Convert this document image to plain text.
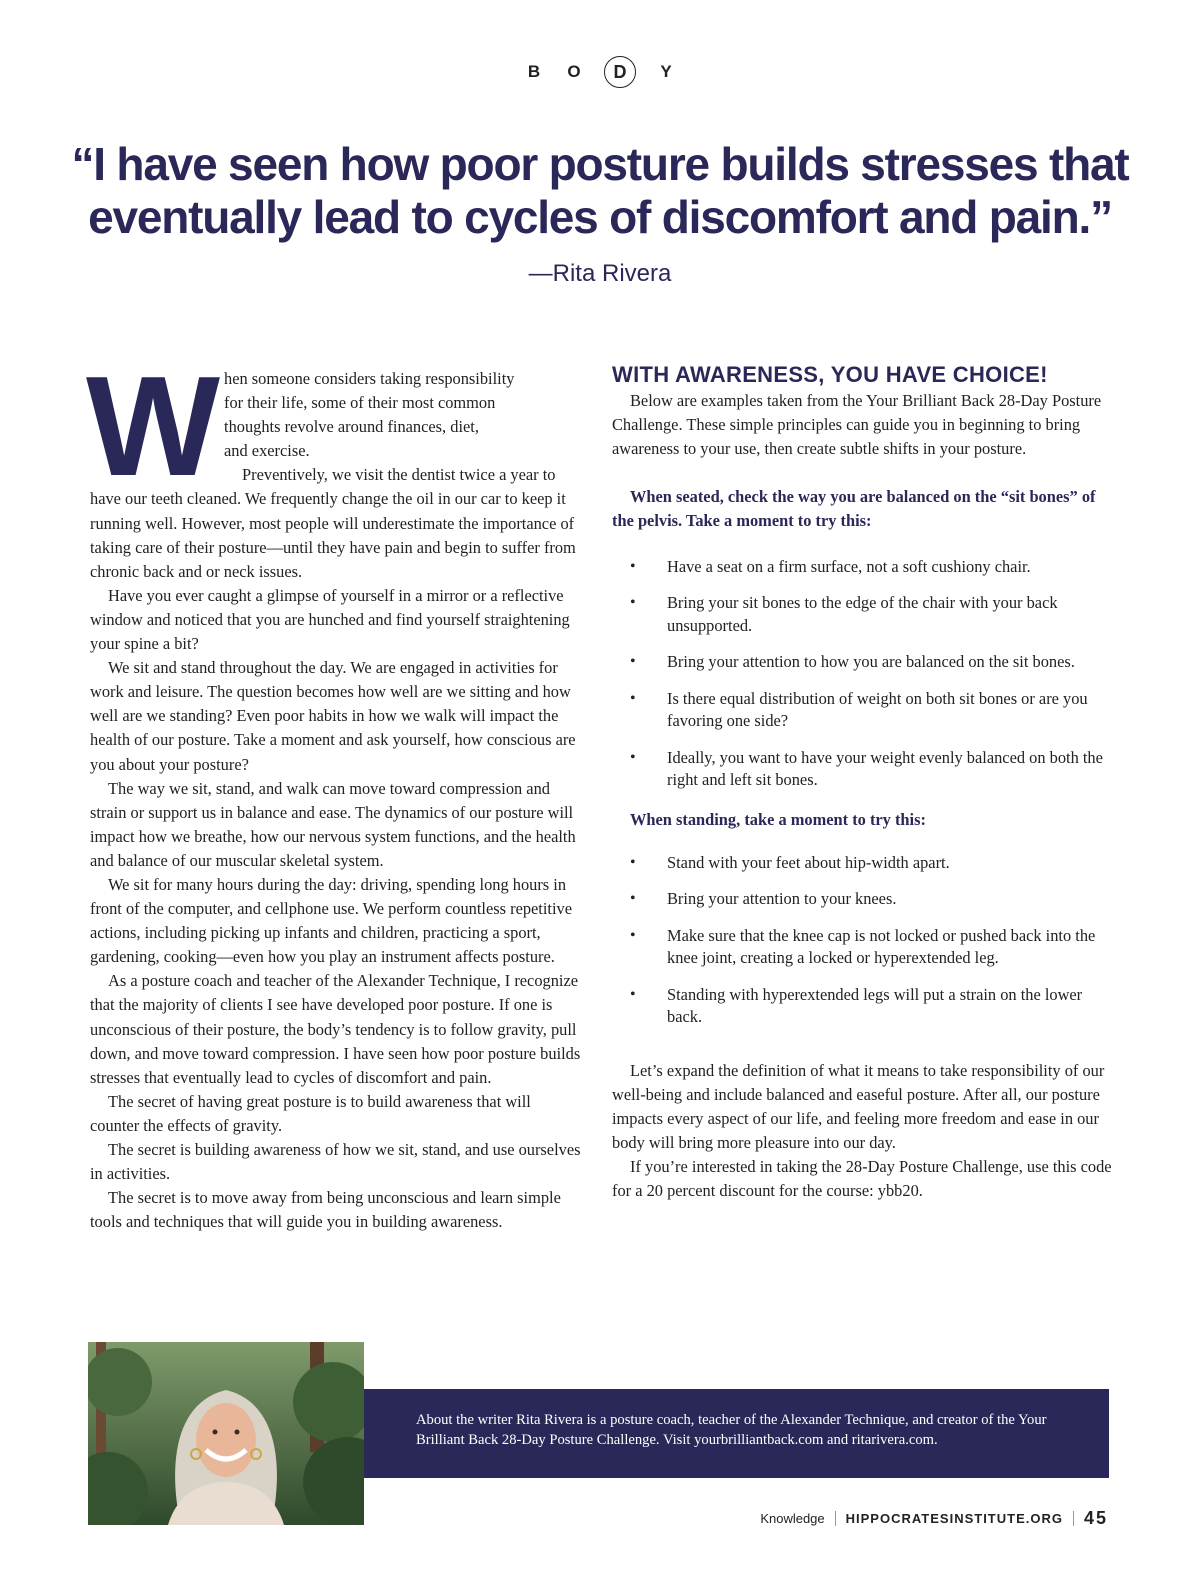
B O	D	Y
“I have seen how poor posture builds stresses that
eventually lead to cycles of discomfort and pain.”
—Rita Rivera
W hen someone considers taking responsibility
for their life, some of their most common
thoughts revolve around finances, diet,
and exercise.

Preventively, we visit the dentist twice a year to have our teeth cleaned. We frequently change the oil in our car to keep it running well. However, most people will underestimate the importance of taking care of their posture—until they have pain and begin to suffer from chronic back and or neck issues.

Have you ever caught a glimpse of yourself in a mirror or a reflective window and noticed that you are hunched and find yourself straightening your spine a bit?

We sit and stand throughout the day. We are engaged in activities for work and leisure. The question becomes how well are we sitting and how well are we standing? Even poor habits in how we walk will impact the health of our posture. Take a moment and ask yourself, how conscious are you about your posture?

The way we sit, stand, and walk can move toward compression and strain or support us in balance and ease. The dynamics of our posture will impact how we breathe, how our nervous system functions, and the health and balance of our muscular skeletal system.

We sit for many hours during the day: driving, spending long hours in front of the computer, and cellphone use. We perform countless repetitive actions, including picking up infants and children, practicing a sport, gardening, cooking—even how you play an instrument affects posture.

As a posture coach and teacher of the Alexander Technique, I recognize that the majority of clients I see have developed poor posture. If one is unconscious of their posture, the body’s tendency is to follow gravity, pull down, and move toward compression. I have seen how poor posture builds stresses that eventually lead to cycles of discomfort and pain.

The secret of having great posture is to build awareness that will counter the effects of gravity.

The secret is building awareness of how we sit, stand, and use ourselves in activities.

The secret is to move away from being unconscious and learn simple tools and techniques that will guide you in building awareness.

WITH AWARENESS, YOU HAVE CHOICE!

Below are examples taken from the Your Brilliant Back 28-Day Posture Challenge. These simple principles can guide you in beginning to bring awareness to your use, then create subtle shifts in your posture.

When seated, check the way you are balanced on the “sit bones” of the pelvis. Take a moment to try this:

• Have a seat on a firm surface, not a soft cushiony chair.
• Bring your sit bones to the edge of the chair with your back unsupported.
• Bring your attention to how you are balanced on the sit bones.
• Is there equal distribution of weight on both sit bones or are you favoring one side?
• Ideally, you want to have your weight evenly balanced on both the right and left sit bones.

When standing, take a moment to try this:

• Stand with your feet about hip-width apart.
• Bring your attention to your knees.
• Make sure that the knee cap is not locked or pushed back into the knee joint, creating a locked or hyperextended leg.
• Standing with hyperextended legs will put a strain on the lower back.

Let’s expand the definition of what it means to take responsibility of our well-being and include balanced and easeful posture. After all, our posture impacts every aspect of our life, and feeling more freedom and ease in our body will bring more pleasure into our day.

If you’re interested in taking the 28-Day Posture Challenge, use this code for a 20 percent discount for the course: ybb20.

About the writer Rita Rivera is a posture coach, teacher of the Alexander Technique, and creator of the Your Brilliant Back 28-Day Posture Challenge. Visit yourbrilliantback.com and ritarivera.com.
Knowledge HIPPOCRATESINSTITUTE.ORG 45
